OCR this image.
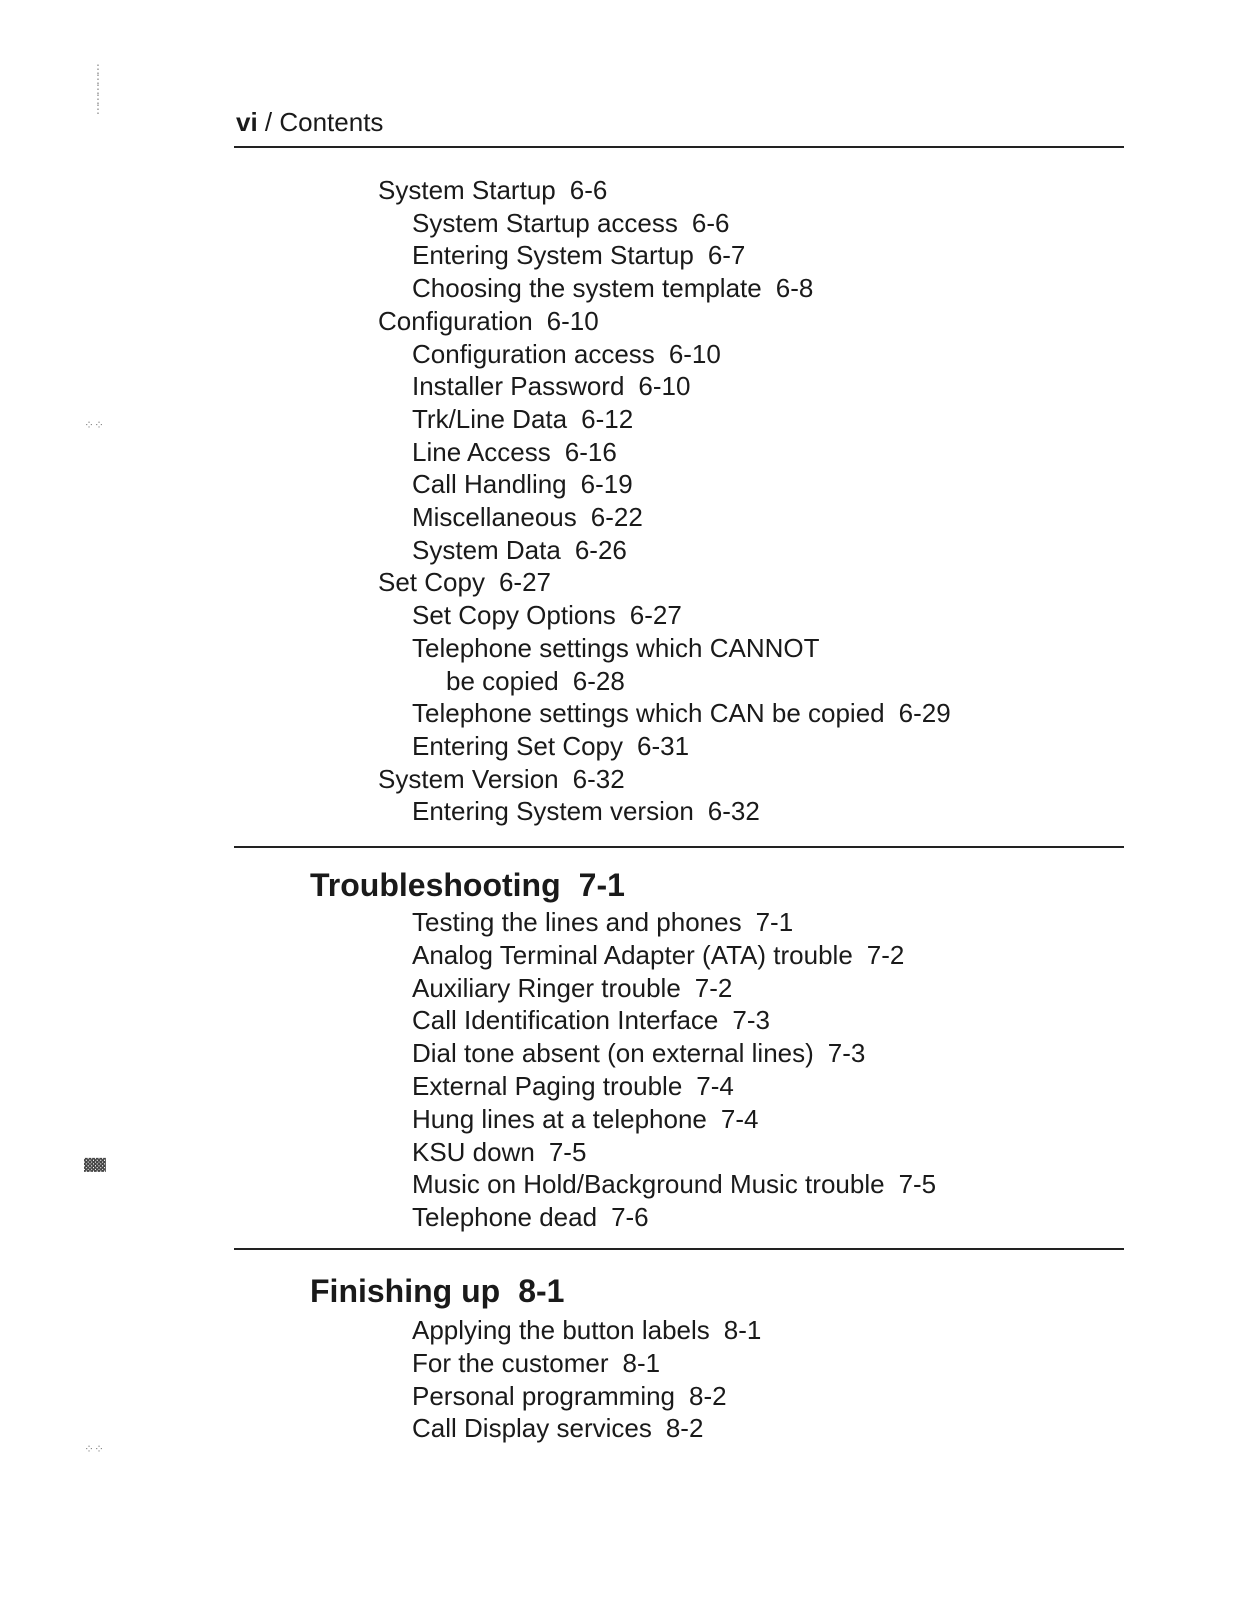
vi / Contents
System Startup 6-6
System Startup access 6-6
Entering System Startup 6-7
Choosing the system template 6-8
Configuration 6-10
Configuration access 6-10
Installer Password 6-10
Trk/Line Data 6-12
Line Access 6-16
Call Handling 6-19
Miscellaneous 6-22
System Data 6-26
Set Copy 6-27
Set Copy Options 6-27
Telephone settings which CANNOT
be copied 6-28
Telephone settings which CAN be copied 6-29
Entering Set Copy 6-31
System Version 6-32
Entering System version 6-32
Troubleshooting 7-1
Testing the lines and phones 7-1
Analog Terminal Adapter (ATA) trouble 7-2
Auxiliary Ringer trouble 7-2
Call Identification Interface 7-3
Dial tone absent (on external lines) 7-3
External Paging trouble 7-4
Hung lines at a telephone 7-4
KSU down 7-5
Music on Hold/Background Music trouble 7-5
Telephone dead 7-6
Finishing up 8-1
Applying the button labels 8-1
For the customer 8-1
Personal programming 8-2
Call Display services 8-2
⋮
⋮
⋮
⋮
⋮
⁘⁘
▓▓▓
⁘⁘
